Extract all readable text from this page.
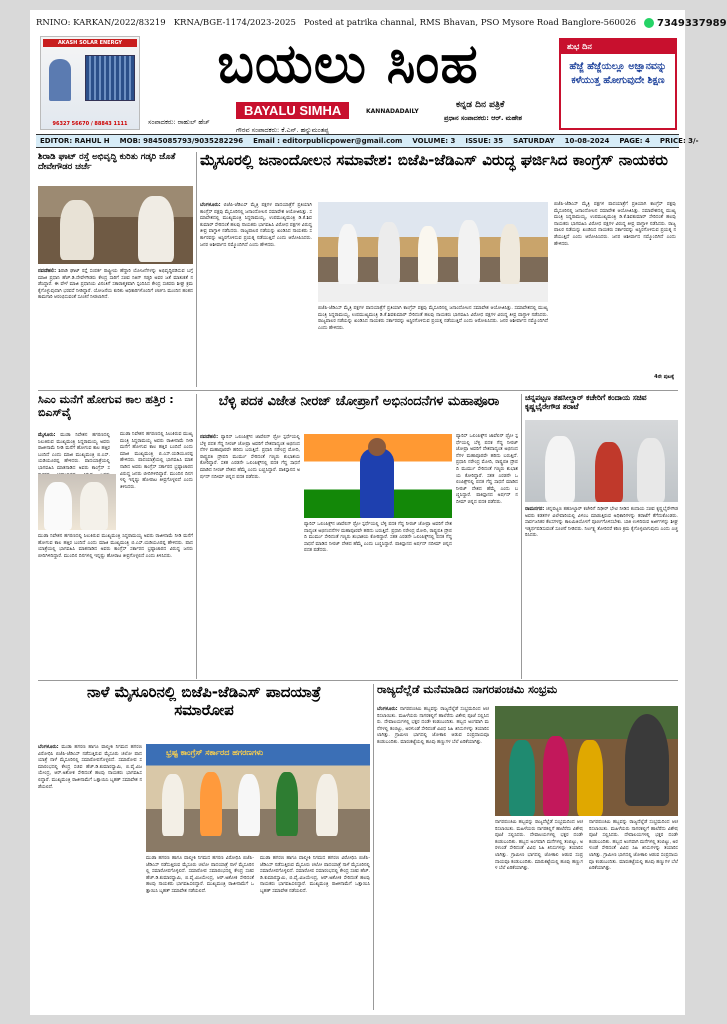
RNINO: KARKAN/2022/83219 KRNA/BGE-1174/2023-2025 Posted at patrika channal, RMS Bhavan, PSO Mysore Road Banglore-560026 7349337989
AKASH SOLAR ENERGY
96327 56670 / 88843 1111
ಬಯಲು ಸಿಂಹ
ಸಂಪಾದಕರು: ರಾಹುಲ್ ಹೆಚ್
BAYALU SIMHA	KANNADADAILY
ಕನ್ನಡ ದಿನ ಪತ್ರಿಕೆ
ಪ್ರಧಾನ ಸಂಪಾದಕರು: ಆರ್. ಮಹೇಶ
ಗೌರವ ಸಂಪಾದಕರು: ಕೆ.ಎನ್. ಹನ್ನುಮಂತಪ್ಪ
ಶುಭ ದಿನ
ಹೆಜ್ಜೆ ಹೆಜ್ಜೆಯಲ್ಲೂ ಅಜ್ಞಾನವನ್ನು ಕಳೆಯುತ್ತ ಹೋಗುವುದೇ ಶಿಕ್ಷಣ
EDITOR: RAHUL H MOB: 9845085793/9035282296 Email : editorpublicpower@gmail.com VOLUME: 3 ISSUE: 35 SATURDAY 10-08-2024 PAGE: 4 PRICE: 3/-
ಶಿರಾಡಿ ಘಾಟ್ ರಸ್ತೆ ಅಭಿವೃದ್ಧಿ ಕುರಿತು ಗಡ್ಕರಿ ಜೊತೆ ದೇವೇಗೌಡರ ಚರ್ಚೆ
ನವದೆಹಲಿ: ಶಿರಾಡಿ ಘಾಟ್ ರಸ್ತೆ ಸಂಪರ್ಕ ರಾಷ್ಟ್ರೀಯ ಹೆದ್ದಾರಿ ಯೋಜನೆಗಳನ್ನು ಅಭಿವೃದ್ಧಿಪಡಿಸುವ ಬಗ್ಗೆ ಮಾಜಿ ಪ್ರಧಾನಿ ಹೆಚ್.ಡಿ.ದೇವೇಗೌಡರು ಕೇಂದ್ರ ಸಾರಿಗೆ ಸಚಿವ ನಿತಿನ್ ಗಡ್ಕರಿ ಅವರ ಜತೆ ಮಾತುಕತೆ ನಡೆಸಿದ್ದಾರೆ. ಈ ವೇಳೆ ಮಾಜಿ ಪ್ರಧಾನಿಯ ವಿನಂತಿಗೆ ಸಕಾರಾತ್ಮಕವಾಗಿ ಸ್ಪಂದಿಸಿದ ಕೇಂದ್ರ ಸಚಿವರು ಶೀಘ್ರ ಕ್ರಮ ಕೈಗೊಳ್ಳುವುದಾಗಿ ಭರವಸೆ ನೀಡಿದ್ದಾರೆ. ಯೋಜನೆಯ ಕುರಿತು ಅಧಿಕಾರಿಗಳೊಂದಿಗೆ ಚರ್ಚಿಸಿ ಮುಂದಿನ ಹಂತದ ಕಾಮಗಾರಿ ಆರಂಭಿಸುವಂತೆ ಸೂಚನೆ ನೀಡಲಾಗಿದೆ.
ಮೈಸೂರಲ್ಲಿ ಜನಾಂದೋಲನ ಸಮಾವೇಶ: ಬಿಜೆಪಿ-ಜೆಡಿಎಸ್ ವಿರುದ್ಧ ಘರ್ಜಿಸಿದ ಕಾಂಗ್ರೆಸ್ ನಾಯಕರು
ಬೆಂಗಳೂರು: ಬಿಜೆಪಿ-ಜೆಡಿಎಸ್ ಮೈತ್ರಿ ಪಕ್ಷಗಳ ಪಾದಯಾತ್ರೆಗೆ ಪ್ರತಿಯಾಗಿ ಕಾಂಗ್ರೆಸ್ ಪಕ್ಷವು ಮೈಸೂರಿನಲ್ಲಿ ಜನಾಂದೋಲನ ಸಮಾವೇಶ ಆಯೋಜಿಸಿತ್ತು. ಸಮಾವೇಶದಲ್ಲಿ ಮುಖ್ಯಮಂತ್ರಿ ಸಿದ್ದರಾಮಯ್ಯ, ಉಪಮುಖ್ಯಮಂತ್ರಿ ಡಿ.ಕೆ.ಶಿವಕುಮಾರ್ ಸೇರಿದಂತೆ ಹಲವು ನಾಯಕರು ಭಾಗವಹಿಸಿ ವಿರೋಧ ಪಕ್ಷಗಳ ವಿರುದ್ಧ ತೀವ್ರ ವಾಗ್ದಾಳಿ ನಡೆಸಿದರು. ರಾಜ್ಯಪಾಲರ ನಡೆಯನ್ನು ಖಂಡಿಸಿದ ನಾಯಕರು ಸರ್ಕಾರವನ್ನು ಅಸ್ಥಿರಗೊಳಿಸುವ ಪ್ರಯತ್ನ ನಡೆಯುತ್ತಿದೆ ಎಂದು ಆರೋಪಿಸಿದರು. ಜನರ ಆಶೀರ್ವಾದ ನಮ್ಮೊಂದಿಗಿದೆ ಎಂದು ಹೇಳಿದರು.
ಬಿಜೆಪಿ-ಜೆಡಿಎಸ್ ಮೈತ್ರಿ ಪಕ್ಷಗಳ ಪಾದಯಾತ್ರೆಗೆ ಪ್ರತಿಯಾಗಿ ಕಾಂಗ್ರೆಸ್ ಪಕ್ಷವು ಮೈಸೂರಿನಲ್ಲಿ ಜನಾಂದೋಲನ ಸಮಾವೇಶ ಆಯೋಜಿಸಿತ್ತು. ಸಮಾವೇಶದಲ್ಲಿ ಮುಖ್ಯಮಂತ್ರಿ ಸಿದ್ದರಾಮಯ್ಯ, ಉಪಮುಖ್ಯಮಂತ್ರಿ ಡಿ.ಕೆ.ಶಿವಕುಮಾರ್ ಸೇರಿದಂತೆ ಹಲವು ನಾಯಕರು ಭಾಗವಹಿಸಿ ವಿರೋಧ ಪಕ್ಷಗಳ ವಿರುದ್ಧ ತೀವ್ರ ವಾಗ್ದಾಳಿ ನಡೆಸಿದರು. ರಾಜ್ಯಪಾಲರ ನಡೆಯನ್ನು ಖಂಡಿಸಿದ ನಾಯಕರು ಸರ್ಕಾರವನ್ನು ಅಸ್ಥಿರಗೊಳಿಸುವ ಪ್ರಯತ್ನ ನಡೆಯುತ್ತಿದೆ ಎಂದು ಆರೋಪಿಸಿದರು. ಜನರ ಆಶೀರ್ವಾದ ನಮ್ಮೊಂದಿಗಿದೆ ಎಂದು ಹೇಳಿದರು.
ಬಿಜೆಪಿ-ಜೆಡಿಎಸ್ ಮೈತ್ರಿ ಪಕ್ಷಗಳ ಪಾದಯಾತ್ರೆಗೆ ಪ್ರತಿಯಾಗಿ ಕಾಂಗ್ರೆಸ್ ಪಕ್ಷವು ಮೈಸೂರಿನಲ್ಲಿ ಜನಾಂದೋಲನ ಸಮಾವೇಶ ಆಯೋಜಿಸಿತ್ತು. ಸಮಾವೇಶದಲ್ಲಿ ಮುಖ್ಯಮಂತ್ರಿ ಸಿದ್ದರಾಮಯ್ಯ, ಉಪಮುಖ್ಯಮಂತ್ರಿ ಡಿ.ಕೆ.ಶಿವಕುಮಾರ್ ಸೇರಿದಂತೆ ಹಲವು ನಾಯಕರು ಭಾಗವಹಿಸಿ ವಿರೋಧ ಪಕ್ಷಗಳ ವಿರುದ್ಧ ತೀವ್ರ ವಾಗ್ದಾಳಿ ನಡೆಸಿದರು. ರಾಜ್ಯಪಾಲರ ನಡೆಯನ್ನು ಖಂಡಿಸಿದ ನಾಯಕರು ಸರ್ಕಾರವನ್ನು ಅಸ್ಥಿರಗೊಳಿಸುವ ಪ್ರಯತ್ನ ನಡೆಯುತ್ತಿದೆ ಎಂದು ಆರೋಪಿಸಿದರು. ಜನರ ಆಶೀರ್ವಾದ ನಮ್ಮೊಂದಿಗಿದೆ ಎಂದು ಹೇಳಿದರು.
4ನೇ ಪುಟಕ್ಕೆ
ಸಿಎಂ ಮನೆಗೆ ಹೋಗುವ ಕಾಲ ಹತ್ತಿರ : ಬಿಎಸ್‌ವೈ
ಮೈಸೂರು: ಮುಡಾ ನಿವೇಶನ ಹಗರಣದಲ್ಲಿ ಸಿಲುಕಿರುವ ಮುಖ್ಯಮಂತ್ರಿ ಸಿದ್ದರಾಮಯ್ಯ ಅವರು ರಾಜೀನಾಮೆ ನೀಡಿ ಮನೆಗೆ ಹೋಗುವ ಕಾಲ ಹತ್ತಿರ ಬಂದಿದೆ ಎಂದು ಮಾಜಿ ಮುಖ್ಯಮಂತ್ರಿ ಬಿ.ಎಸ್.ಯಡಿಯೂರಪ್ಪ ಹೇಳಿದರು. ಪಾದಯಾತ್ರೆಯಲ್ಲಿ ಭಾಗವಹಿಸಿ ಮಾತನಾಡಿದ ಅವರು ಕಾಂಗ್ರೆಸ್ ಸ
ಮುಡಾ ನಿವೇಶನ ಹಗರಣದಲ್ಲಿ ಸಿಲುಕಿರುವ ಮುಖ್ಯಮಂತ್ರಿ ಸಿದ್ದರಾಮಯ್ಯ ಅವರು ರಾಜೀನಾಮೆ ನೀಡಿ ಮನೆಗೆ ಹೋಗುವ ಕಾಲ ಹತ್ತಿರ ಬಂದಿದೆ ಎಂದು ಮಾಜಿ ಮುಖ್ಯಮಂತ್ರಿ ಬಿ.ಎಸ್.ಯಡಿಯೂರಪ್ಪ ಹೇಳಿದರು. ಪಾದಯಾತ್ರೆಯಲ್ಲಿ ಭಾಗವಹಿಸಿ ಮಾತನಾಡಿದ ಅವರು ಕಾಂಗ್ರೆಸ್ ಸರ್ಕಾರದ ಭ್ರಷ್ಟಾಚಾರದ ವಿರುದ್ಧ ಜನರು ಬೀದಿಗಿಳಿದಿದ್ದಾರೆ. ಮುಂದಿನ ದಿನಗಳಲ್ಲಿ ಇನ್ನಷ್ಟು ಹೋರಾಟ ತೀವ್ರಗೊಳ್ಳಲಿದೆ ಎಂದು ತಿಳಿಸಿದರು.
ಮುಡಾ ನಿವೇಶನ ಹಗರಣದಲ್ಲಿ ಸಿಲುಕಿರುವ ಮುಖ್ಯಮಂತ್ರಿ ಸಿದ್ದರಾಮಯ್ಯ ಅವರು ರಾಜೀನಾಮೆ ನೀಡಿ ಮನೆಗೆ ಹೋಗುವ ಕಾಲ ಹತ್ತಿರ ಬಂದಿದೆ ಎಂದು ಮಾಜಿ ಮುಖ್ಯಮಂತ್ರಿ ಬಿ.ಎಸ್.ಯಡಿಯೂರಪ್ಪ ಹೇಳಿದರು. ಪಾದಯಾತ್ರೆಯಲ್ಲಿ ಭಾಗವಹಿಸಿ ಮಾತನಾಡಿದ ಅವರು ಕಾಂಗ್ರೆಸ್ ಸರ್ಕಾರದ ಭ್ರಷ್ಟಾಚಾರದ ವಿರುದ್ಧ ಜನರು ಬೀದಿಗಿಳಿದಿದ್ದಾರೆ. ಮುಂದಿನ ದಿನಗಳಲ್ಲಿ ಇನ್ನಷ್ಟು ಹೋರಾಟ ತೀವ್ರಗೊಳ್ಳಲಿದೆ ಎಂದು ತಿಳಿಸಿದರು.
ಬೆಳ್ಳಿ ಪದಕ ವಿಜೇತ ನೀರಜ್ ಚೋಪ್ರಾಗೆ ಅಭಿನಂದನೆಗಳ ಮಹಾಪೂರಾ
ನವದೆಹಲಿ: ಪ್ಯಾರಿಸ್ ಒಲಿಂಪಿಕ್ಸ್‌ನ ಜಾವೆಲಿನ್ ಥ್ರೋ ಸ್ಪರ್ಧೆಯಲ್ಲಿ ಬೆಳ್ಳಿ ಪದಕ ಗೆದ್ದ ನೀರಜ್ ಚೋಪ್ರಾ ಅವರಿಗೆ ದೇಶದಾದ್ಯಂತ ಅಭಿನಂದನೆಗಳ ಮಹಾಪೂರವೇ ಹರಿದು ಬರುತ್ತಿದೆ. ಪ್ರಧಾನಿ ನರೇಂದ್ರ ಮೋದಿ, ರಾಷ್ಟ್ರಪತಿ ದ್ರೌಪದಿ ಮುರ್ಮು ಸೇರಿದಂತೆ ಗಣ್ಯರು ಶುಭಾಶಯ ಕೋರಿದ್ದಾರೆ. ಸತತ ಎರಡನೇ ಒಲಿಂಪಿಕ್ಸ್‌ನಲ್ಲಿ ಪದಕ ಗೆದ್ದ ಸಾಧನೆ ಮಾಡಿದ ನೀರಜ್ ದೇಶದ ಹೆಮ್ಮೆ ಎಂದು ಬಣ್ಣಿಸಿದ್ದಾರೆ. ಪಾಕಿಸ್ತಾನದ ಅರ್ಷದ್ ನದೀಮ್ ಚಿನ್ನದ ಪದಕ ಪಡೆದರು.
ಪ್ಯಾರಿಸ್ ಒಲಿಂಪಿಕ್ಸ್‌ನ ಜಾವೆಲಿನ್ ಥ್ರೋ ಸ್ಪರ್ಧೆಯಲ್ಲಿ ಬೆಳ್ಳಿ ಪದಕ ಗೆದ್ದ ನೀರಜ್ ಚೋಪ್ರಾ ಅವರಿಗೆ ದೇಶದಾದ್ಯಂತ ಅಭಿನಂದನೆಗಳ ಮಹಾಪೂರವೇ ಹರಿದು ಬರುತ್ತಿದೆ. ಪ್ರಧಾನಿ ನರೇಂದ್ರ ಮೋದಿ, ರಾಷ್ಟ್ರಪತಿ ದ್ರೌಪದಿ ಮುರ್ಮು ಸೇರಿದಂತೆ ಗಣ್ಯರು ಶುಭಾಶಯ ಕೋರಿದ್ದಾರೆ. ಸತತ ಎರಡನೇ ಒಲಿಂಪಿಕ್ಸ್‌ನಲ್ಲಿ ಪದಕ ಗೆದ್ದ ಸಾಧನೆ ಮಾಡಿದ ನೀರಜ್ ದೇಶದ ಹೆಮ್ಮೆ ಎಂದು ಬಣ್ಣಿಸಿದ್ದಾರೆ. ಪಾಕಿಸ್ತಾನದ ಅರ್ಷದ್ ನದೀಮ್ ಚಿನ್ನದ ಪದಕ ಪಡೆದರು.
ಪ್ಯಾರಿಸ್ ಒಲಿಂಪಿಕ್ಸ್‌ನ ಜಾವೆಲಿನ್ ಥ್ರೋ ಸ್ಪರ್ಧೆಯಲ್ಲಿ ಬೆಳ್ಳಿ ಪದಕ ಗೆದ್ದ ನೀರಜ್ ಚೋಪ್ರಾ ಅವರಿಗೆ ದೇಶದಾದ್ಯಂತ ಅಭಿನಂದನೆಗಳ ಮಹಾಪೂರವೇ ಹರಿದು ಬರುತ್ತಿದೆ. ಪ್ರಧಾನಿ ನರೇಂದ್ರ ಮೋದಿ, ರಾಷ್ಟ್ರಪತಿ ದ್ರೌಪದಿ ಮುರ್ಮು ಸೇರಿದಂತೆ ಗಣ್ಯರು ಶುಭಾಶಯ ಕೋರಿದ್ದಾರೆ. ಸತತ ಎರಡನೇ ಒಲಿಂಪಿಕ್ಸ್‌ನಲ್ಲಿ ಪದಕ ಗೆದ್ದ ಸಾಧನೆ ಮಾಡಿದ ನೀರಜ್ ದೇಶದ ಹೆಮ್ಮೆ ಎಂದು ಬಣ್ಣಿಸಿದ್ದಾರೆ. ಪಾಕಿಸ್ತಾನದ ಅರ್ಷದ್ ನದೀಮ್ ಚಿನ್ನದ ಪದಕ ಪಡೆದರು.
ಚನ್ನಪಟ್ಟಣ ತಹಸೀಲ್ದಾರ್ ಕಚೇರಿಗೆ ಕಂದಾಯ ಸಚಿವ ಕೃಷ್ಣಭೈರೇಗೌಡ ತರಾಟೆ
ರಾಮನಗರ: ಚನ್ನಪಟ್ಟಣ ತಹಸೀಲ್ದಾರ್ ಕಚೇರಿಗೆ ದಿಢೀರ್ ಭೇಟಿ ನೀಡಿದ ಕಂದಾಯ ಸಚಿವ ಕೃಷ್ಣಭೈರೇಗೌಡ ಅವರು ಕಡತಗಳ ವಿಲೇವಾರಿಯಲ್ಲಿ ವಿಳಂಬ ಮಾಡುತ್ತಿರುವ ಅಧಿಕಾರಿಗಳನ್ನು ತರಾಟೆಗೆ ತೆಗೆದುಕೊಂಡರು. ಸಾರ್ವಜನಿಕರ ಕೆಲಸಗಳನ್ನು ಕಾಲಮಿತಿಯೊಳಗೆ ಪೂರ್ಣಗೊಳಿಸಬೇಕು. ಬಾಕಿ ಉಳಿದಿರುವ ಅರ್ಜಿಗಳನ್ನು ಶೀಘ್ರ ಇತ್ಯರ್ಥಪಡಿಸುವಂತೆ ಸೂಚನೆ ನೀಡಿದರು. ನಿರ್ಲಕ್ಷ್ಯ ತೋರಿದರೆ ಕಠಿಣ ಕ್ರಮ ಕೈಗೊಳ್ಳಲಾಗುವುದು ಎಂದು ಎಚ್ಚರಿಸಿದರು.
ನಾಳೆ ಮೈಸೂರಿನಲ್ಲಿ ಬಿಜೆಪಿ-ಜೆಡಿಎಸ್ ಪಾದಯಾತ್ರೆ ಸಮಾರೋಪ
ಬೆಂಗಳೂರು: ಮುಡಾ ಹಗರಣ ಹಾಗೂ ವಾಲ್ಮೀಕಿ ನಿಗಮದ ಹಗರಣ ವಿರೋಧಿಸಿ ಬಿಜೆಪಿ-ಜೆಡಿಎಸ್ ನಡೆಸುತ್ತಿರುವ ಮೈಸೂರು ಚಲೋ ಪಾದಯಾತ್ರೆ ನಾಳೆ ಮೈಸೂರಿನಲ್ಲಿ ಸಮಾರೋಪಗೊಳ್ಳಲಿದೆ. ಸಮಾರೋಪ ಸಮಾರಂಭದಲ್ಲಿ ಕೇಂದ್ರ ಸಚಿವ ಹೆಚ್.ಡಿ.ಕುಮಾರಸ್ವಾಮಿ, ಬಿ.ವೈ.ವಿಜಯೇಂದ್ರ, ಆರ್.ಅಶೋಕ ಸೇರಿದಂತೆ ಹಲವು ನಾಯಕರು ಭಾಗವಹಿಸಲಿದ್ದಾರೆ. ಮುಖ್ಯಮಂತ್ರಿ ರಾಜೀನಾಮೆಗೆ ಒತ್ತಾಯಿಸಿ ಬೃಹತ್ ಸಮಾವೇಶ ನಡೆಯಲಿದೆ.
ಭ್ರಷ್ಟ ಕಾಂಗ್ರೆಸ್ ಸರ್ಕಾರದ ಹಗರಣಗಳು
ಮುಡಾ ಹಗರಣ ಹಾಗೂ ವಾಲ್ಮೀಕಿ ನಿಗಮದ ಹಗರಣ ವಿರೋಧಿಸಿ ಬಿಜೆಪಿ-ಜೆಡಿಎಸ್ ನಡೆಸುತ್ತಿರುವ ಮೈಸೂರು ಚಲೋ ಪಾದಯಾತ್ರೆ ನಾಳೆ ಮೈಸೂರಿನಲ್ಲಿ ಸಮಾರೋಪಗೊಳ್ಳಲಿದೆ. ಸಮಾರೋಪ ಸಮಾರಂಭದಲ್ಲಿ ಕೇಂದ್ರ ಸಚಿವ ಹೆಚ್.ಡಿ.ಕುಮಾರಸ್ವಾಮಿ, ಬಿ.ವೈ.ವಿಜಯೇಂದ್ರ, ಆರ್.ಅಶೋಕ ಸೇರಿದಂತೆ ಹಲವು ನಾಯಕರು ಭಾಗವಹಿಸಲಿದ್ದಾರೆ. ಮುಖ್ಯಮಂತ್ರಿ ರಾಜೀನಾಮೆಗೆ ಒತ್ತಾಯಿಸಿ ಬೃಹತ್ ಸಮಾವೇಶ ನಡೆಯಲಿದೆ.
ಮುಡಾ ಹಗರಣ ಹಾಗೂ ವಾಲ್ಮೀಕಿ ನಿಗಮದ ಹಗರಣ ವಿರೋಧಿಸಿ ಬಿಜೆಪಿ-ಜೆಡಿಎಸ್ ನಡೆಸುತ್ತಿರುವ ಮೈಸೂರು ಚಲೋ ಪಾದಯಾತ್ರೆ ನಾಳೆ ಮೈಸೂರಿನಲ್ಲಿ ಸಮಾರೋಪಗೊಳ್ಳಲಿದೆ. ಸಮಾರೋಪ ಸಮಾರಂಭದಲ್ಲಿ ಕೇಂದ್ರ ಸಚಿವ ಹೆಚ್.ಡಿ.ಕುಮಾರಸ್ವಾಮಿ, ಬಿ.ವೈ.ವಿಜಯೇಂದ್ರ, ಆರ್.ಅಶೋಕ ಸೇರಿದಂತೆ ಹಲವು ನಾಯಕರು ಭಾಗವಹಿಸಲಿದ್ದಾರೆ. ಮುಖ್ಯಮಂತ್ರಿ ರಾಜೀನಾಮೆಗೆ ಒತ್ತಾಯಿಸಿ ಬೃಹತ್ ಸಮಾವೇಶ ನಡೆಯಲಿದೆ.
ರಾಜ್ಯದೆಲ್ಲೆಡೆ ಮನೆಮಾಡಿದ ನಾಗರಪಂಚಮಿ ಸಂಭ್ರಮ
ಬೆಂಗಳೂರು: ನಾಗರಪಂಚಮಿ ಹಬ್ಬವನ್ನು ರಾಜ್ಯದೆಲ್ಲೆಡೆ ಸಂಭ್ರಮದಿಂದ ಆಚರಿಸಲಾಯಿತು. ಮಹಿಳೆಯರು ನಾಗರಕಲ್ಲಿಗೆ ಹಾಲೆರೆದು ವಿಶೇಷ ಪೂಜೆ ಸಲ್ಲಿಸಿದರು. ದೇವಾಲಯಗಳಲ್ಲಿ ಭಕ್ತರ ದಂಡೇ ಕಂಡುಬಂದಿತು. ಹಬ್ಬದ ಅಂಗವಾಗಿ ಮನೆಗಳಲ್ಲಿ ತಂಬಿಟ್ಟು, ಅರಳುಂಡೆ ಸೇರಿದಂತೆ ವಿವಿಧ ಸಿಹಿ ತಿನಿಸುಗಳನ್ನು ತಯಾರಿಸಲಾಗಿತ್ತು. ಗ್ರಾಮೀಣ ಭಾಗದಲ್ಲಿ ಜೋಕಾಲಿ ಆಡುವ ಸಂಪ್ರದಾಯವೂ ಕಂಡುಬಂದಿತು. ಮಾರುಕಟ್ಟೆಯಲ್ಲಿ ಹೂವು ಹಣ್ಣುಗಳ ಬೆಲೆ ಏರಿಕೆಯಾಗಿತ್ತು.
ನಾಗರಪಂಚಮಿ ಹಬ್ಬವನ್ನು ರಾಜ್ಯದೆಲ್ಲೆಡೆ ಸಂಭ್ರಮದಿಂದ ಆಚರಿಸಲಾಯಿತು. ಮಹಿಳೆಯರು ನಾಗರಕಲ್ಲಿಗೆ ಹಾಲೆರೆದು ವಿಶೇಷ ಪೂಜೆ ಸಲ್ಲಿಸಿದರು. ದೇವಾಲಯಗಳಲ್ಲಿ ಭಕ್ತರ ದಂಡೇ ಕಂಡುಬಂದಿತು. ಹಬ್ಬದ ಅಂಗವಾಗಿ ಮನೆಗಳಲ್ಲಿ ತಂಬಿಟ್ಟು, ಅರಳುಂಡೆ ಸೇರಿದಂತೆ ವಿವಿಧ ಸಿಹಿ ತಿನಿಸುಗಳನ್ನು ತಯಾರಿಸಲಾಗಿತ್ತು. ಗ್ರಾಮೀಣ ಭಾಗದಲ್ಲಿ ಜೋಕಾಲಿ ಆಡುವ ಸಂಪ್ರದಾಯವೂ ಕಂಡುಬಂದಿತು. ಮಾರುಕಟ್ಟೆಯಲ್ಲಿ ಹೂವು ಹಣ್ಣುಗಳ ಬೆಲೆ ಏರಿಕೆಯಾಗಿತ್ತು.
ನಾಗರಪಂಚಮಿ ಹಬ್ಬವನ್ನು ರಾಜ್ಯದೆಲ್ಲೆಡೆ ಸಂಭ್ರಮದಿಂದ ಆಚರಿಸಲಾಯಿತು. ಮಹಿಳೆಯರು ನಾಗರಕಲ್ಲಿಗೆ ಹಾಲೆರೆದು ವಿಶೇಷ ಪೂಜೆ ಸಲ್ಲಿಸಿದರು. ದೇವಾಲಯಗಳಲ್ಲಿ ಭಕ್ತರ ದಂಡೇ ಕಂಡುಬಂದಿತು. ಹಬ್ಬದ ಅಂಗವಾಗಿ ಮನೆಗಳಲ್ಲಿ ತಂಬಿಟ್ಟು, ಅರಳುಂಡೆ ಸೇರಿದಂತೆ ವಿವಿಧ ಸಿಹಿ ತಿನಿಸುಗಳನ್ನು ತಯಾರಿಸಲಾಗಿತ್ತು. ಗ್ರಾಮೀಣ ಭಾಗದಲ್ಲಿ ಜೋಕಾಲಿ ಆಡುವ ಸಂಪ್ರದಾಯವೂ ಕಂಡುಬಂದಿತು. ಮಾರುಕಟ್ಟೆಯಲ್ಲಿ ಹೂವು ಹಣ್ಣುಗಳ ಬೆಲೆ ಏರಿಕೆಯಾಗಿತ್ತು.
